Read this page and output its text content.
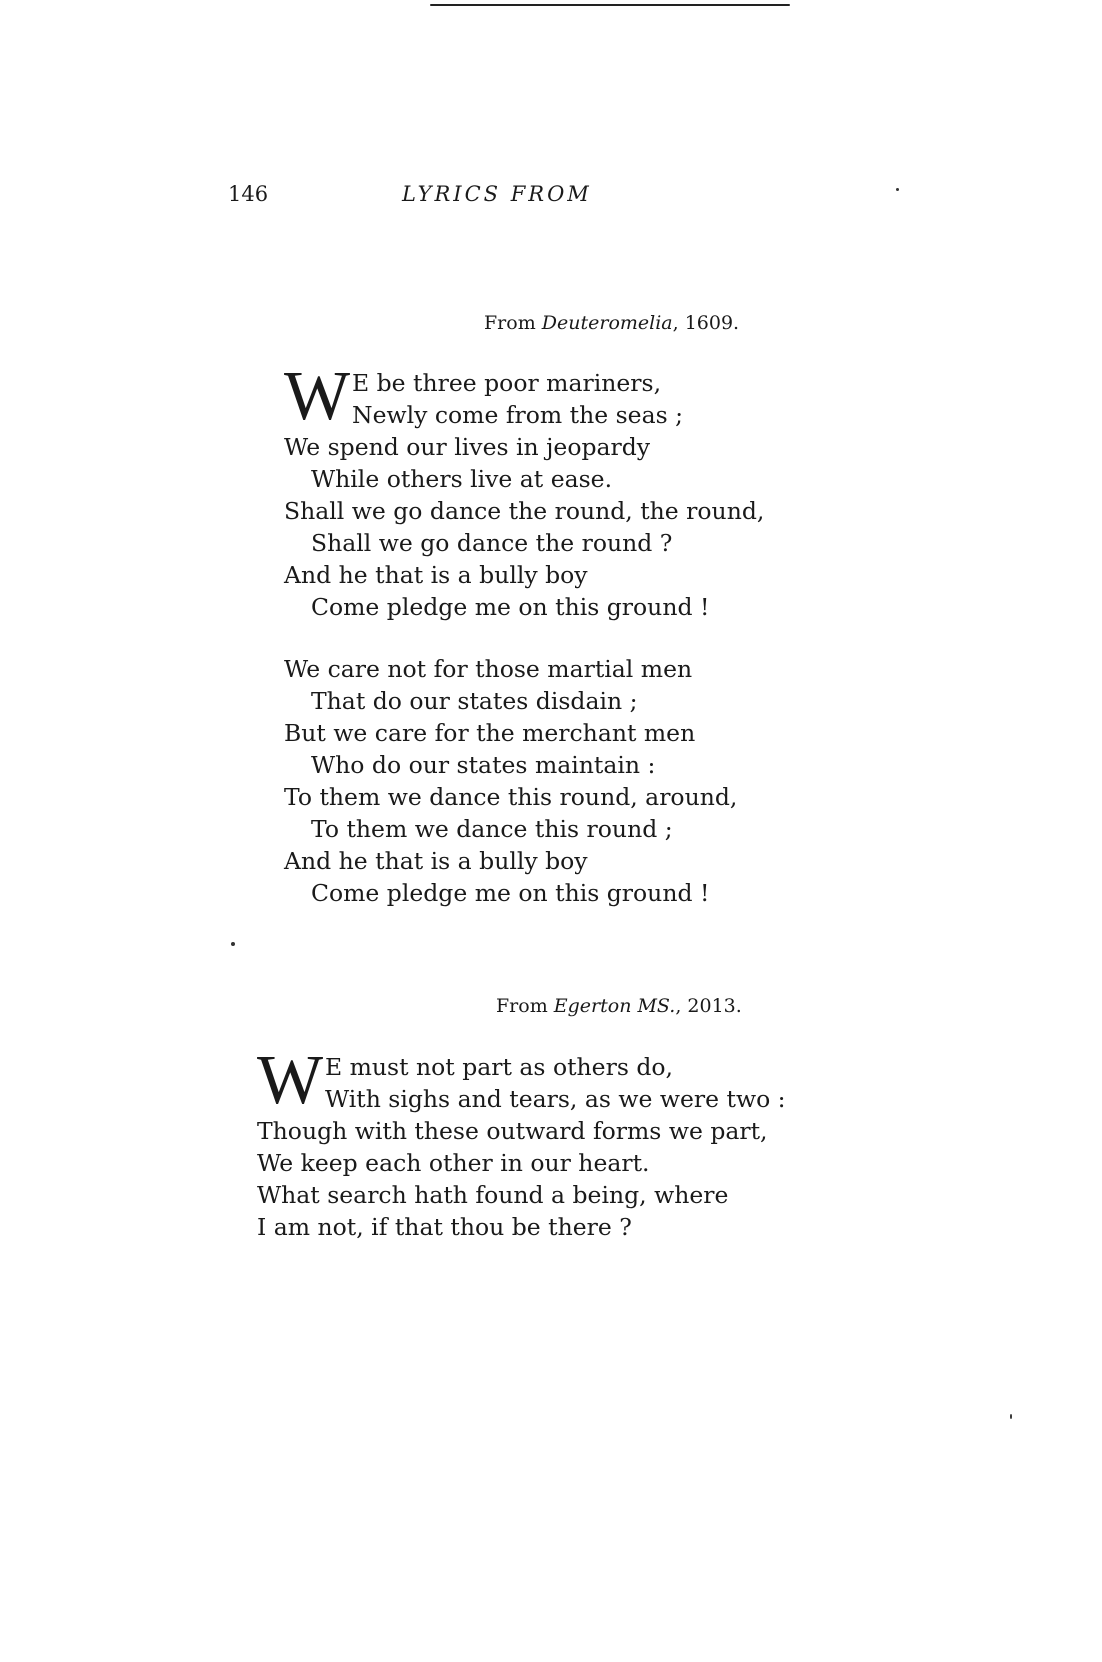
146	LYRICS FROM
From Deuteromelia, 1609.
W E be three poor mariners,
Newly come from the seas ;
We spend our lives in jeopardy
While others live at ease.
Shall we go dance the round, the round,
Shall we go dance the round ?
And he that is a bully boy
Come pledge me on this ground !
We care not for those martial men
That do our states disdain ;
But we care for the merchant men
Who do our states maintain :
To them we dance this round, around,
To them we dance this round ;
And he that is a bully boy
Come pledge me on this ground !
From Egerton MS., 2013.
W E must not part as others do,
With sighs and tears, as we were two :
Though with these outward forms we part,
We keep each other in our heart.
What search hath found a being, where
I am not, if that thou be there ?
